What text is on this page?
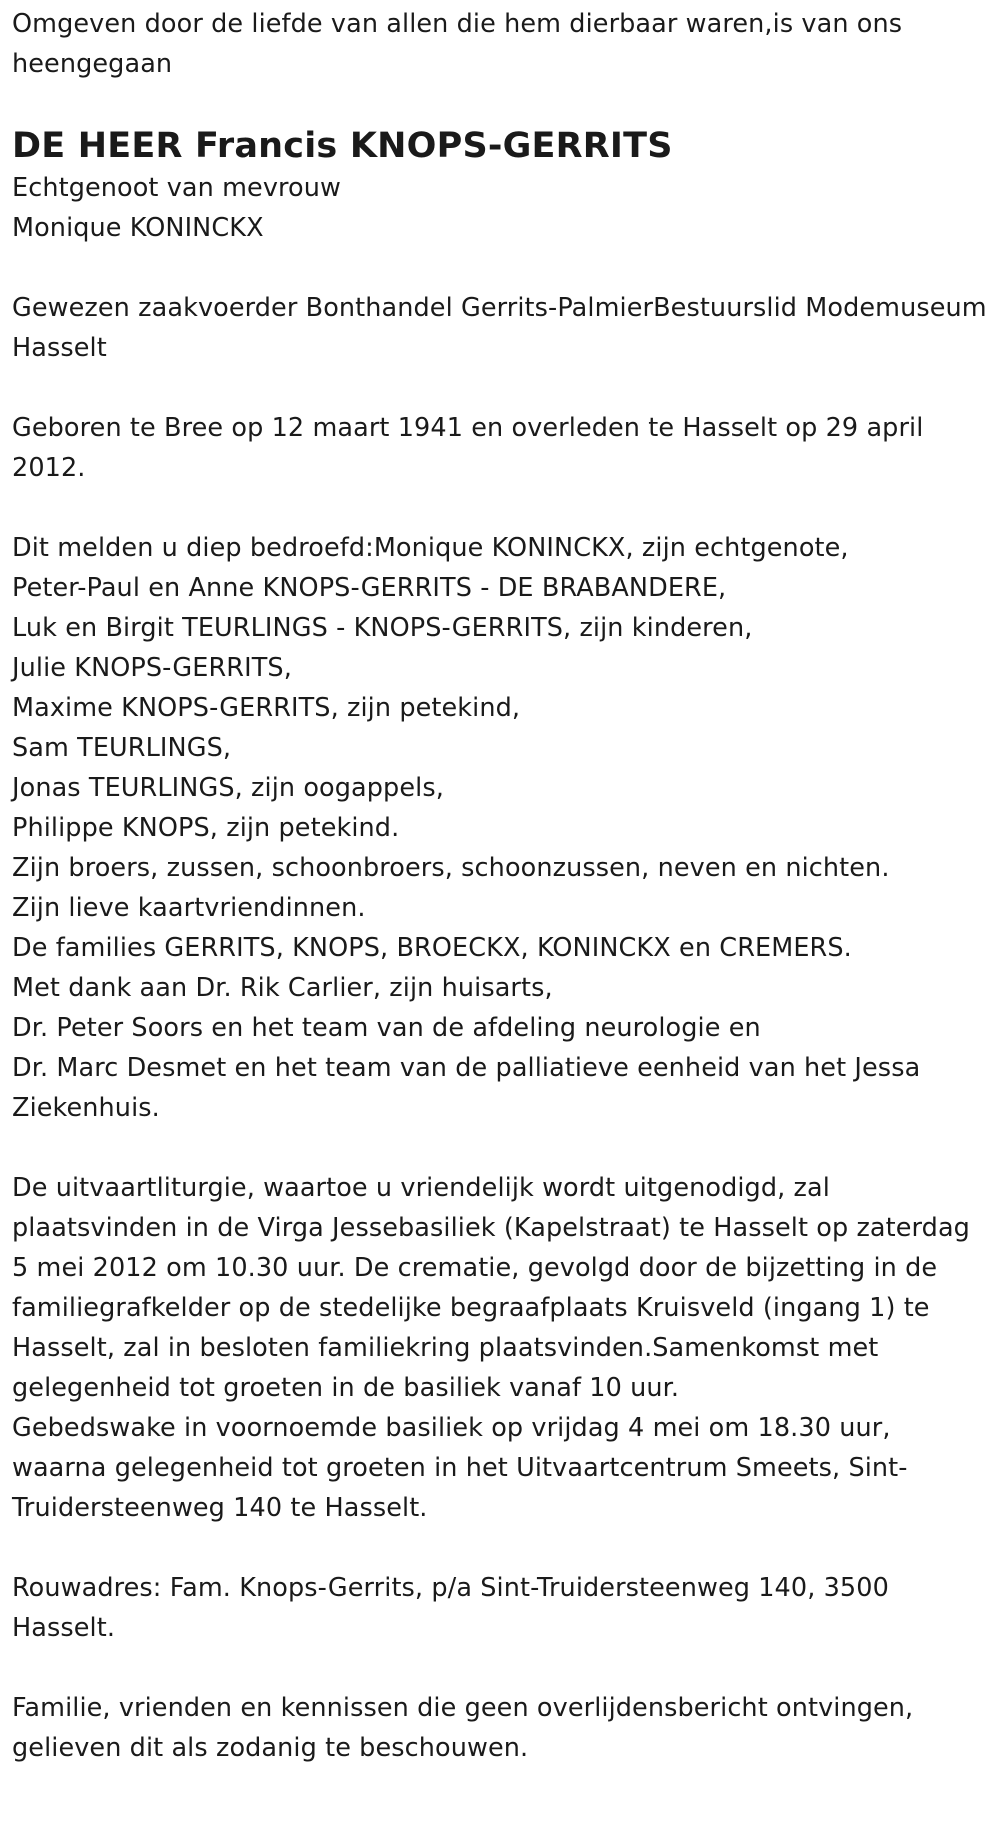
Omgeven door de liefde van allen die hem dierbaar waren,is van ons heengegaan

DE HEER Francis KNOPS-GERRITS

Echtgenoot van mevrouw
Monique KONINCKX

Gewezen zaakvoerder Bonthandel Gerrits-PalmierBestuurslid Modemuseum Hasselt

Geboren te Bree op 12 maart 1941 en overleden te Hasselt op 29 april 2012.

Dit melden u diep bedroefd:Monique KONINCKX, zijn echtgenote,
Peter-Paul en Anne KNOPS-GERRITS - DE BRABANDERE,
Luk en Birgit TEURLINGS - KNOPS-GERRITS, zijn kinderen,
Julie KNOPS-GERRITS,
Maxime KNOPS-GERRITS, zijn petekind,
Sam TEURLINGS,
Jonas TEURLINGS, zijn oogappels,
Philippe KNOPS, zijn petekind.
Zijn broers, zussen, schoonbroers, schoonzussen, neven en nichten.
Zijn lieve kaartvriendinnen.
De families GERRITS, KNOPS, BROECKX, KONINCKX en CREMERS.
Met dank aan Dr. Rik Carlier, zijn huisarts,
Dr. Peter Soors en het team van de afdeling neurologie en
Dr. Marc Desmet en het team van de palliatieve eenheid van het Jessa Ziekenhuis.

De uitvaartliturgie, waartoe u vriendelijk wordt uitgenodigd, zal plaatsvinden in de Virga Jessebasiliek (Kapelstraat) te Hasselt op zaterdag 5 mei 2012 om 10.30 uur. De crematie, gevolgd door de bijzetting in de familiegrafkelder op de stedelijke begraafplaats Kruisveld (ingang 1) te Hasselt, zal in besloten familiekring plaatsvinden.Samenkomst met gelegenheid tot groeten in de basiliek vanaf 10 uur.

Gebedswake in voornoemde basiliek op vrijdag 4 mei om 18.30 uur, waarna gelegenheid tot groeten in het Uitvaartcentrum Smeets, Sint-Truidersteenweg 140 te Hasselt.

Rouwadres: Fam. Knops-Gerrits, p/a Sint-Truidersteenweg 140, 3500 Hasselt.

Familie, vrienden en kennissen die geen overlijdensbericht ontvingen, gelieven dit als zodanig te beschouwen.
